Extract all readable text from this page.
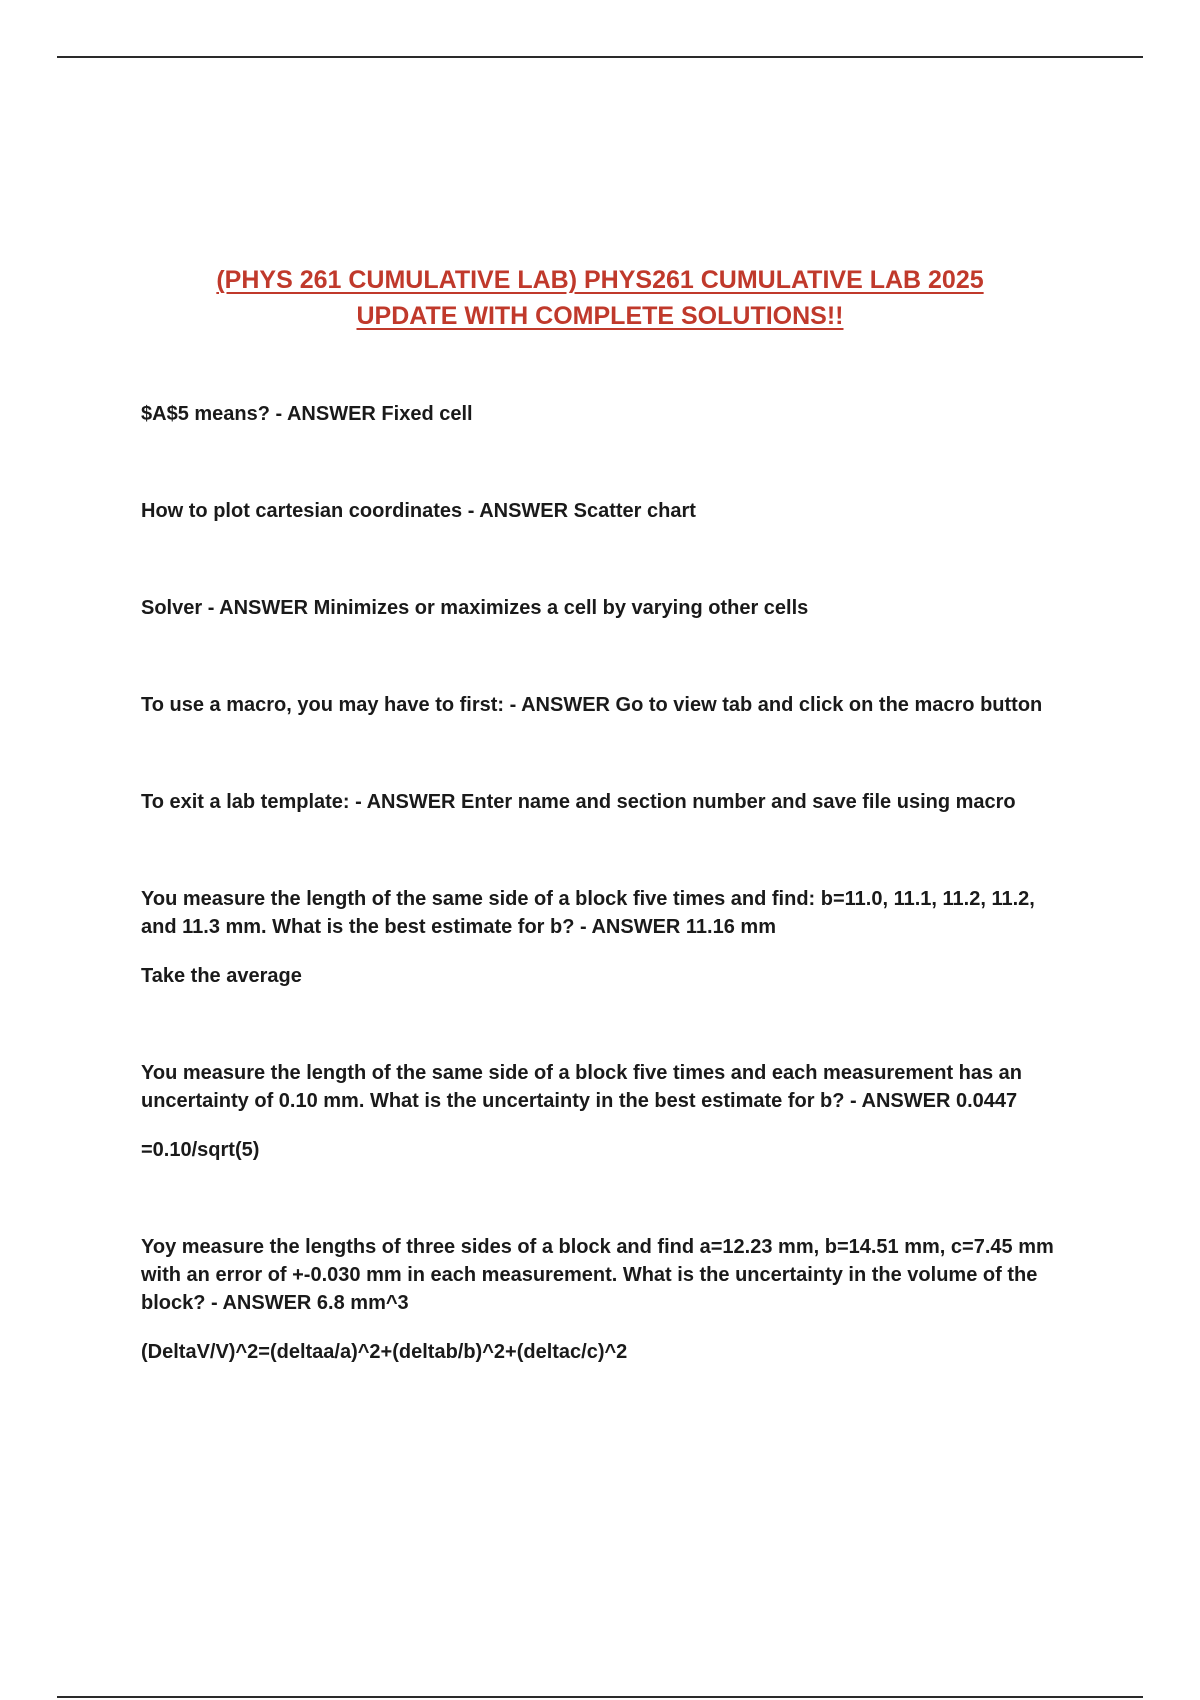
(PHYS 261 CUMULATIVE LAB) PHYS261 CUMULATIVE LAB 2025
UPDATE WITH COMPLETE SOLUTIONS!!
$A$5 means? - ANSWER Fixed cell
How to plot cartesian coordinates - ANSWER Scatter chart
Solver - ANSWER Minimizes or maximizes a cell by varying other cells
To use a macro, you may have to first: - ANSWER Go to view tab and click on the macro button
To exit a lab template: - ANSWER Enter name and section number and save file using macro
You measure the length of the same side of a block five times and find: b=11.0, 11.1, 11.2, 11.2, and 11.3 mm. What is the best estimate for b? - ANSWER 11.16 mm
Take the average
You measure the length of the same side of a block five times and each measurement has an uncertainty of 0.10 mm. What is the uncertainty in the best estimate for b? - ANSWER 0.0447
=0.10/sqrt(5)
Yoy measure the lengths of three sides of a block and find a=12.23 mm, b=14.51 mm, c=7.45 mm with an error of +-0.030 mm in each measurement. What is the uncertainty in the volume of the block? - ANSWER 6.8 mm^3
(DeltaV/V)^2=(deltaa/a)^2+(deltab/b)^2+(deltac/c)^2
